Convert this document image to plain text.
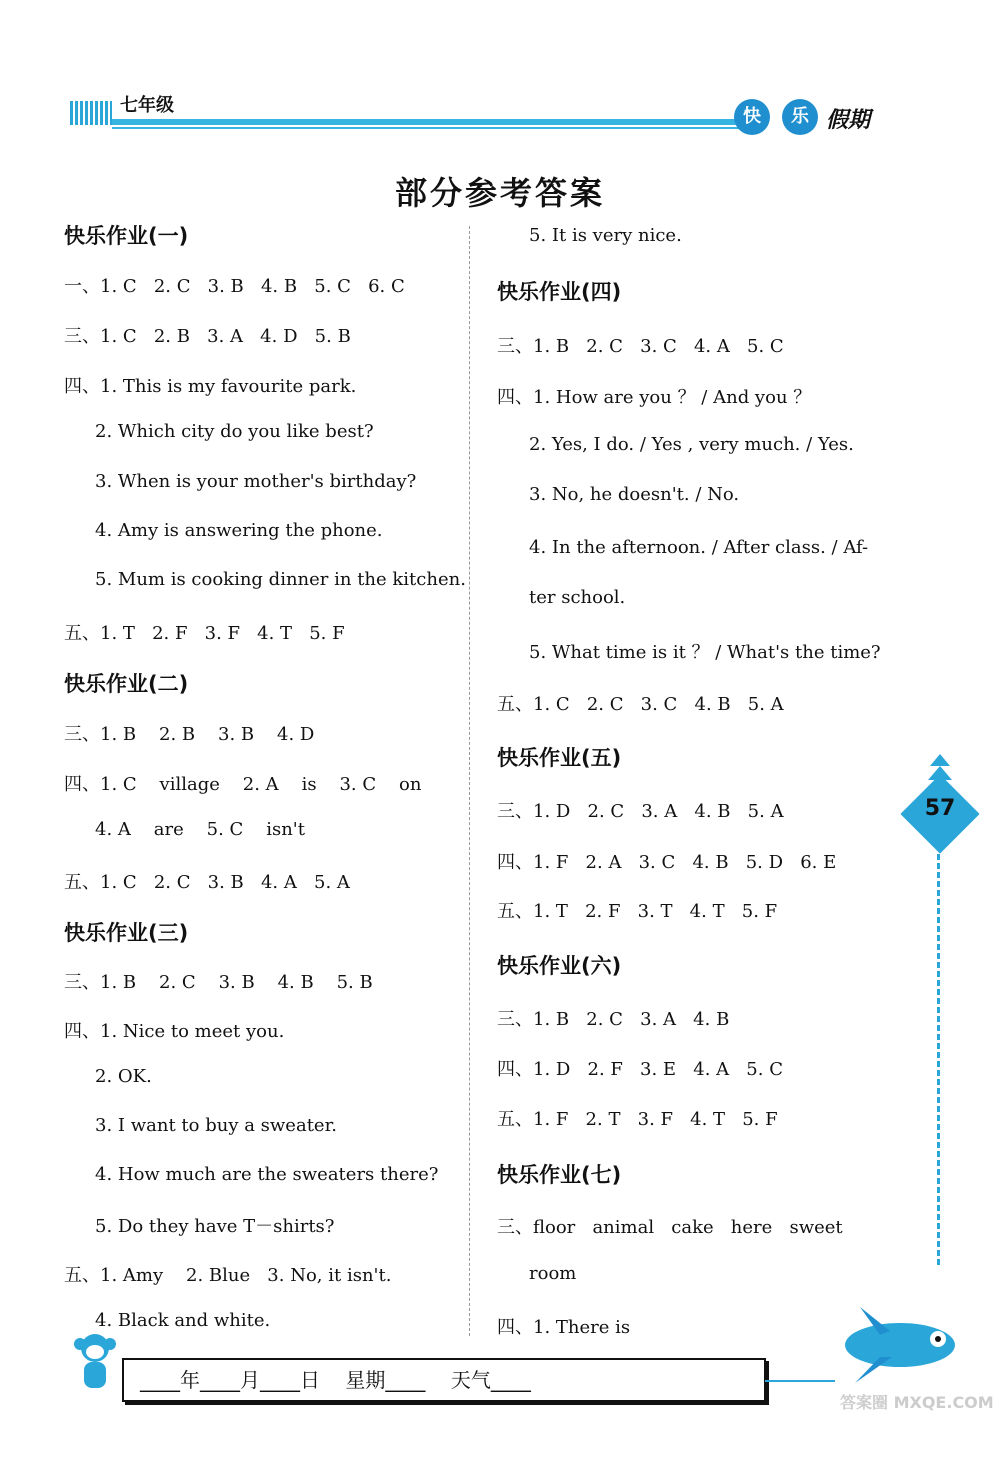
七年级
快	乐 假期
部分参考答案
快乐作业(一)
一、1. C   2. C   3. B   4. B   5. C   6. C
三、1. C   2. B   3. A   4. D   5. B
四、1. This is my favourite park.
2. Which city do you like best?
3. When is your mother's birthday?
4. Amy is answering the phone.
5. Mum is cooking dinner in the kitchen.
五、1. T   2. F   3. F   4. T   5. F
快乐作业(二)
三、1. B    2. B    3. B    4. D
四、1. C    village    2. A    is    3. C    on
4. A    are    5. C    isn't
五、1. C   2. C   3. B   4. A   5. A
快乐作业(三)
三、1. B    2. C    3. B    4. B    5. B
四、1. Nice to meet you.
2. OK.
3. I want to buy a sweater.
4. How much are the sweaters there?
5. Do they have T－shirts?
五、1. Amy    2. Blue   3. No, it isn't.
4. Black and white.
5. It is very nice.
快乐作业(四)
三、1. B   2. C   3. C   4. A   5. C
四、1. How are you ？ / And you ？
2. Yes, I do. / Yes , very much. / Yes.
3. No, he doesn't. / No.
4. In the afternoon. / After class. / Af-
ter school.
5. What time is it ？ / What's the time?
五、1. C   2. C   3. C   4. B   5. A
快乐作业(五)
三、1. D   2. C   3. A   4. B   5. A
四、1. F   2. A   3. C   4. B   5. D   6. E
五、1. T   2. F   3. T   4. T   5. F
快乐作业(六)
三、1. B   2. C   3. A   4. B
四、1. D   2. F   3. E   4. A   5. C
五、1. F   2. T   3. F   4. T   5. F
快乐作业(七)
三、floor   animal   cake   here   sweet
room
四、1. There is
57
____年____月____日    星期____    天气____
答案圈 MXQE.COM
